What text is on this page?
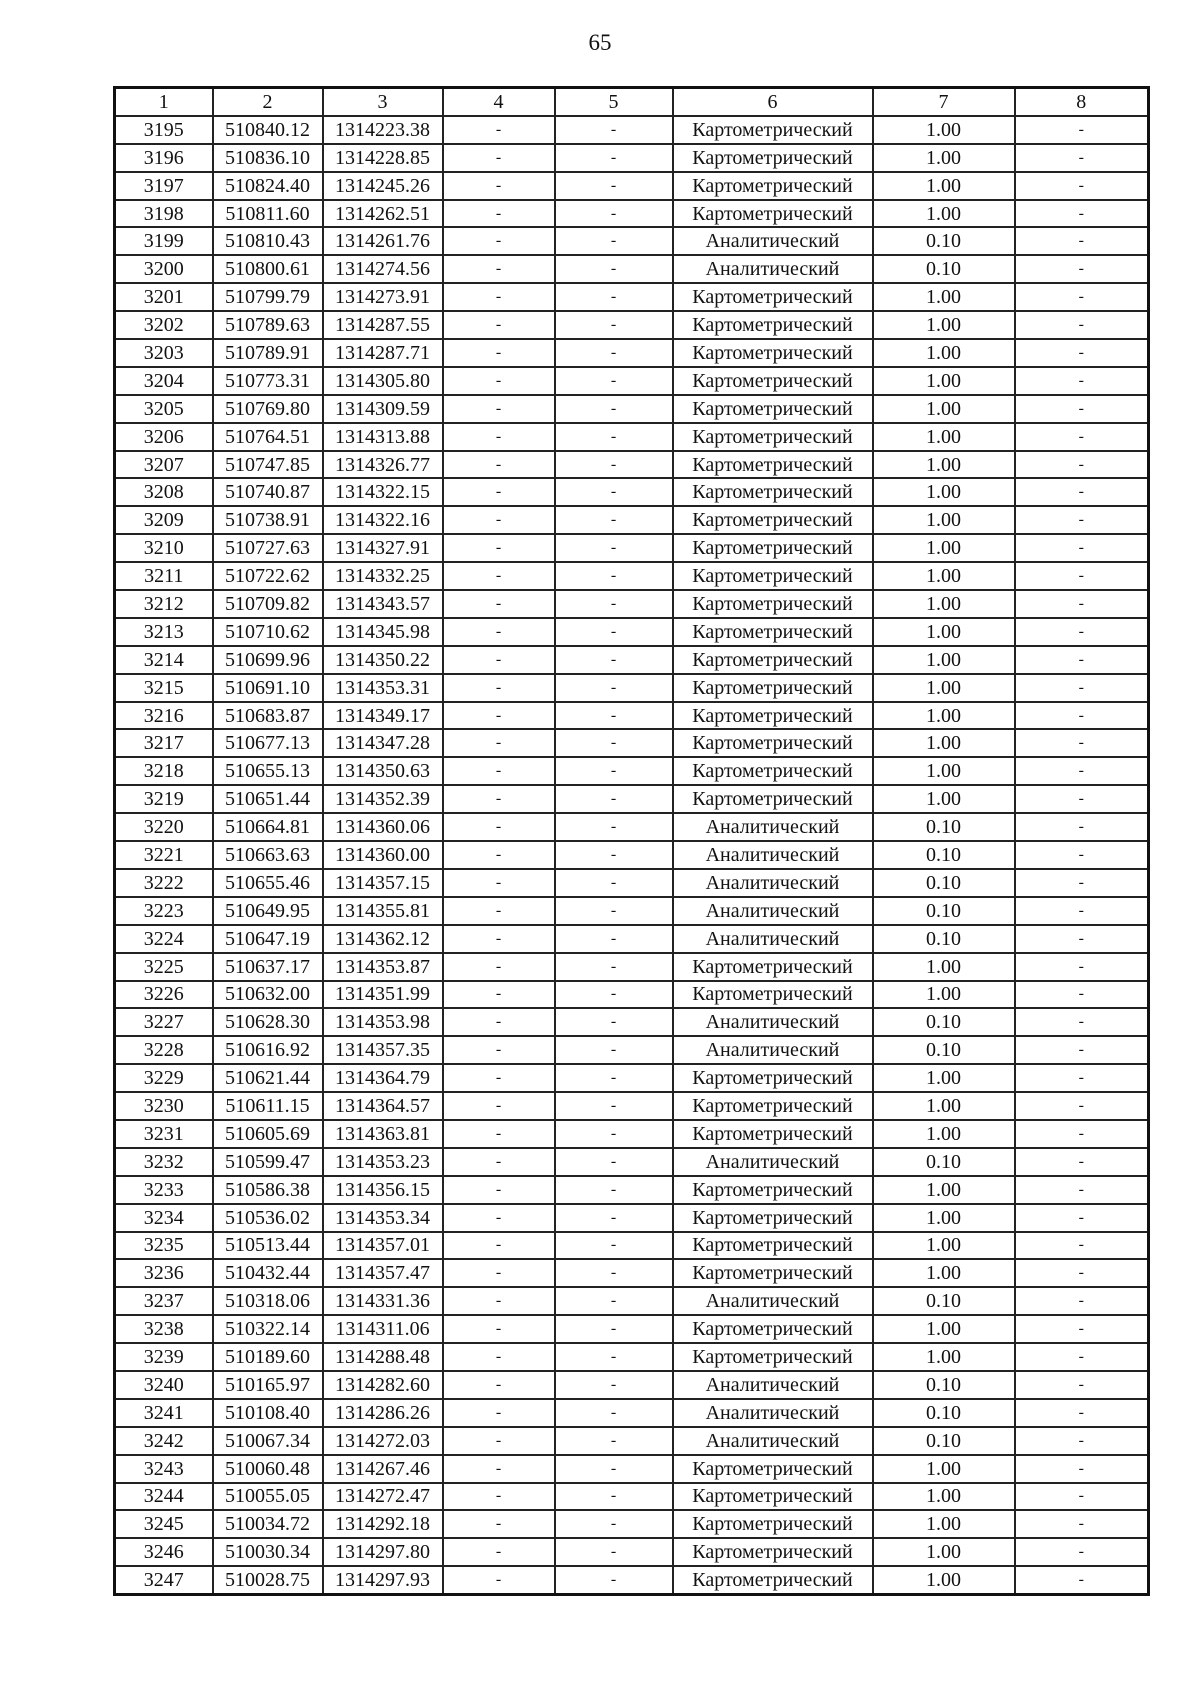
65
1	2	3	4	5	6	7	8
3195	510840.12	1314223.38	-	-	Картометрический	1.00	-
3196	510836.10	1314228.85	-	-	Картометрический	1.00	-
3197	510824.40	1314245.26	-	-	Картометрический	1.00	-
3198	510811.60	1314262.51	-	-	Картометрический	1.00	-
3199	510810.43	1314261.76	-	-	Аналитический	0.10	-
3200	510800.61	1314274.56	-	-	Аналитический	0.10	-
3201	510799.79	1314273.91	-	-	Картометрический	1.00	-
3202	510789.63	1314287.55	-	-	Картометрический	1.00	-
3203	510789.91	1314287.71	-	-	Картометрический	1.00	-
3204	510773.31	1314305.80	-	-	Картометрический	1.00	-
3205	510769.80	1314309.59	-	-	Картометрический	1.00	-
3206	510764.51	1314313.88	-	-	Картометрический	1.00	-
3207	510747.85	1314326.77	-	-	Картометрический	1.00	-
3208	510740.87	1314322.15	-	-	Картометрический	1.00	-
3209	510738.91	1314322.16	-	-	Картометрический	1.00	-
3210	510727.63	1314327.91	-	-	Картометрический	1.00	-
3211	510722.62	1314332.25	-	-	Картометрический	1.00	-
3212	510709.82	1314343.57	-	-	Картометрический	1.00	-
3213	510710.62	1314345.98	-	-	Картометрический	1.00	-
3214	510699.96	1314350.22	-	-	Картометрический	1.00	-
3215	510691.10	1314353.31	-	-	Картометрический	1.00	-
3216	510683.87	1314349.17	-	-	Картометрический	1.00	-
3217	510677.13	1314347.28	-	-	Картометрический	1.00	-
3218	510655.13	1314350.63	-	-	Картометрический	1.00	-
3219	510651.44	1314352.39	-	-	Картометрический	1.00	-
3220	510664.81	1314360.06	-	-	Аналитический	0.10	-
3221	510663.63	1314360.00	-	-	Аналитический	0.10	-
3222	510655.46	1314357.15	-	-	Аналитический	0.10	-
3223	510649.95	1314355.81	-	-	Аналитический	0.10	-
3224	510647.19	1314362.12	-	-	Аналитический	0.10	-
3225	510637.17	1314353.87	-	-	Картометрический	1.00	-
3226	510632.00	1314351.99	-	-	Картометрический	1.00	-
3227	510628.30	1314353.98	-	-	Аналитический	0.10	-
3228	510616.92	1314357.35	-	-	Аналитический	0.10	-
3229	510621.44	1314364.79	-	-	Картометрический	1.00	-
3230	510611.15	1314364.57	-	-	Картометрический	1.00	-
3231	510605.69	1314363.81	-	-	Картометрический	1.00	-
3232	510599.47	1314353.23	-	-	Аналитический	0.10	-
3233	510586.38	1314356.15	-	-	Картометрический	1.00	-
3234	510536.02	1314353.34	-	-	Картометрический	1.00	-
3235	510513.44	1314357.01	-	-	Картометрический	1.00	-
3236	510432.44	1314357.47	-	-	Картометрический	1.00	-
3237	510318.06	1314331.36	-	-	Аналитический	0.10	-
3238	510322.14	1314311.06	-	-	Картометрический	1.00	-
3239	510189.60	1314288.48	-	-	Картометрический	1.00	-
3240	510165.97	1314282.60	-	-	Аналитический	0.10	-
3241	510108.40	1314286.26	-	-	Аналитический	0.10	-
3242	510067.34	1314272.03	-	-	Аналитический	0.10	-
3243	510060.48	1314267.46	-	-	Картометрический	1.00	-
3244	510055.05	1314272.47	-	-	Картометрический	1.00	-
3245	510034.72	1314292.18	-	-	Картометрический	1.00	-
3246	510030.34	1314297.80	-	-	Картометрический	1.00	-
3247	510028.75	1314297.93	-	-	Картометрический	1.00	-
